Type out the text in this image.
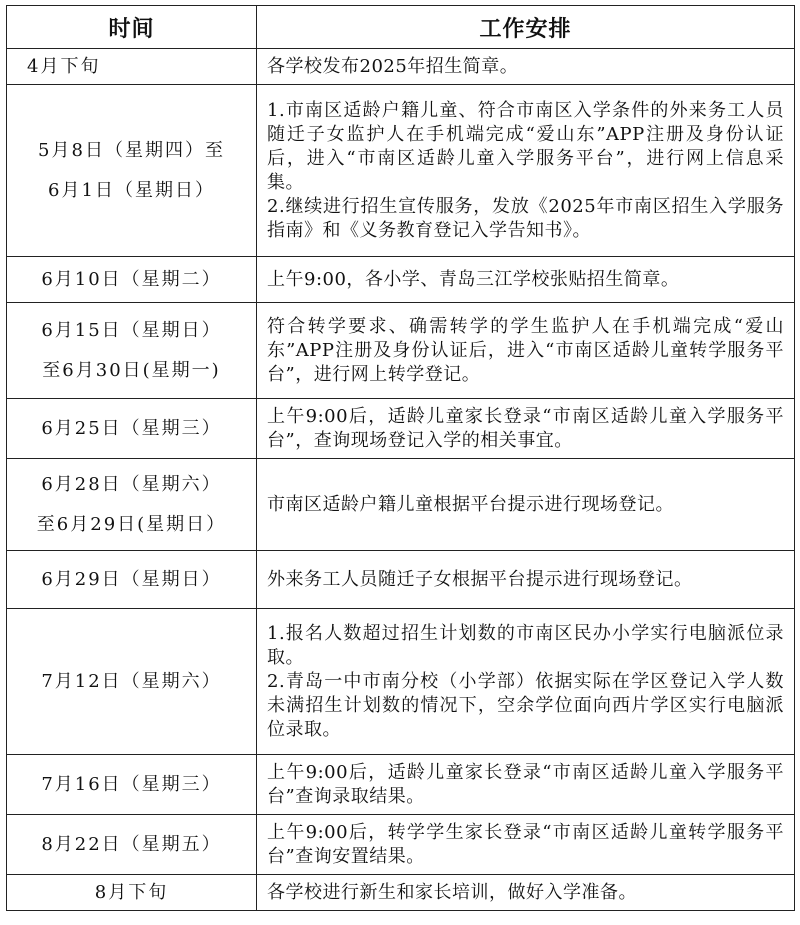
时间	工作安排

4月下旬	各学校发布2025年招生简章。

5月8日（星期四）至
6月1日（星期日）	1.市南区适龄户籍儿童、符合市南区入学条件的外来务工人员随迁子女监护人在手机端完成“爱山东”APP注册及身份认证后，进入“市南区适龄儿童入学服务平台”，进行网上信息采集。
2.继续进行招生宣传服务，发放《2025年市南区招生入学服务指南》和《义务教育登记入学告知书》。

6月10日（星期二）	上午9:00，各小学、青岛三江学校张贴招生简章。

6月15日（星期日）
至6月30日(星期一)	符合转学要求、确需转学的学生监护人在手机端完成“爱山东”APP注册及身份认证后，进入“市南区适龄儿童转学服务平台”，进行网上转学登记。

6月25日（星期三）	上午9:00后，适龄儿童家长登录“市南区适龄儿童入学服务平台”，查询现场登记入学的相关事宜。

6月28日（星期六）
至6月29日(星期日）	市南区适龄户籍儿童根据平台提示进行现场登记。

6月29日（星期日）	外来务工人员随迁子女根据平台提示进行现场登记。

7月12日（星期六）	1.报名人数超过招生计划数的市南区民办小学实行电脑派位录取。
2.青岛一中市南分校（小学部）依据实际在学区登记入学人数未满招生计划数的情况下，空余学位面向西片学区实行电脑派位录取。

7月16日（星期三）	上午9:00后，适龄儿童家长登录“市南区适龄儿童入学服务平台”查询录取结果。

8月22日（星期五）	上午9:00后，转学学生家长登录“市南区适龄儿童转学服务平台”查询安置结果。

8月下旬	各学校进行新生和家长培训，做好入学准备。
